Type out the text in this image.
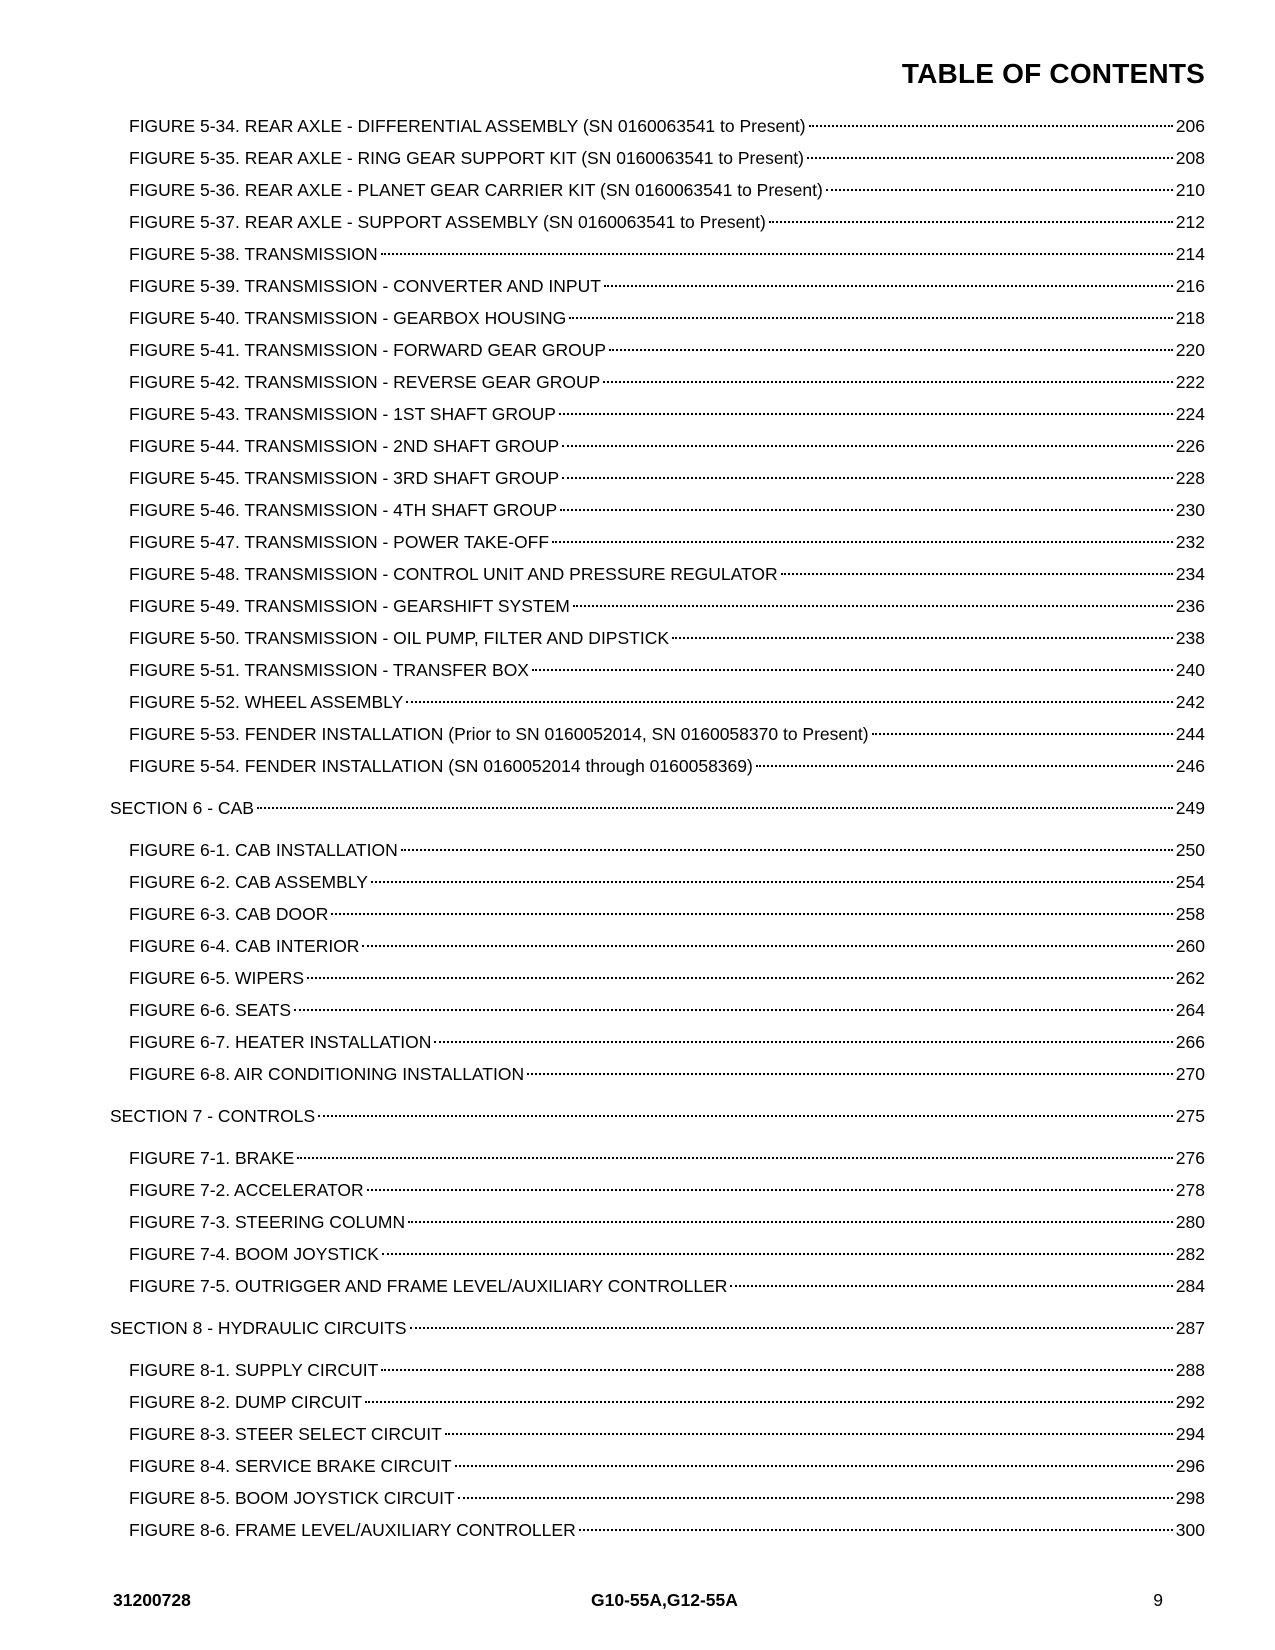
TABLE OF CONTENTS
FIGURE 5-34. REAR AXLE - DIFFERENTIAL ASSEMBLY (SN 0160063541 to Present)	206
FIGURE 5-35. REAR AXLE - RING GEAR SUPPORT KIT (SN 0160063541 to Present)	208
FIGURE 5-36. REAR AXLE - PLANET GEAR CARRIER KIT (SN 0160063541 to Present)	210
FIGURE 5-37. REAR AXLE - SUPPORT ASSEMBLY (SN 0160063541 to Present)	212
FIGURE 5-38. TRANSMISSION	214
FIGURE 5-39. TRANSMISSION - CONVERTER AND INPUT	216
FIGURE 5-40. TRANSMISSION - GEARBOX HOUSING	218
FIGURE 5-41. TRANSMISSION - FORWARD GEAR GROUP	220
FIGURE 5-42. TRANSMISSION - REVERSE GEAR GROUP	222
FIGURE 5-43. TRANSMISSION - 1ST SHAFT GROUP	224
FIGURE 5-44. TRANSMISSION - 2ND SHAFT GROUP	226
FIGURE 5-45. TRANSMISSION - 3RD SHAFT GROUP	228
FIGURE 5-46. TRANSMISSION - 4TH SHAFT GROUP	230
FIGURE 5-47. TRANSMISSION - POWER TAKE-OFF	232
FIGURE 5-48. TRANSMISSION - CONTROL UNIT AND PRESSURE REGULATOR	234
FIGURE 5-49. TRANSMISSION - GEARSHIFT SYSTEM	236
FIGURE 5-50. TRANSMISSION - OIL PUMP, FILTER AND DIPSTICK	238
FIGURE 5-51. TRANSMISSION - TRANSFER BOX	240
FIGURE 5-52. WHEEL ASSEMBLY	242
FIGURE 5-53. FENDER INSTALLATION (Prior to SN 0160052014, SN 0160058370 to Present)	244
FIGURE 5-54. FENDER INSTALLATION (SN 0160052014 through 0160058369)	246
SECTION 6 - CAB	249
FIGURE 6-1. CAB INSTALLATION	250
FIGURE 6-2. CAB ASSEMBLY	254
FIGURE 6-3. CAB DOOR	258
FIGURE 6-4. CAB INTERIOR	260
FIGURE 6-5. WIPERS	262
FIGURE 6-6. SEATS	264
FIGURE 6-7. HEATER INSTALLATION	266
FIGURE 6-8. AIR CONDITIONING INSTALLATION	270
SECTION 7 - CONTROLS	275
FIGURE 7-1. BRAKE	276
FIGURE 7-2. ACCELERATOR	278
FIGURE 7-3. STEERING COLUMN	280
FIGURE 7-4. BOOM JOYSTICK	282
FIGURE 7-5. OUTRIGGER AND FRAME LEVEL/AUXILIARY CONTROLLER	284
SECTION 8 - HYDRAULIC CIRCUITS	287
FIGURE 8-1. SUPPLY CIRCUIT	288
FIGURE 8-2. DUMP CIRCUIT	292
FIGURE 8-3. STEER SELECT CIRCUIT	294
FIGURE 8-4. SERVICE BRAKE CIRCUIT	296
FIGURE 8-5. BOOM JOYSTICK CIRCUIT	298
FIGURE 8-6. FRAME LEVEL/AUXILIARY CONTROLLER	300
31200728	G10-55A,G12-55A	9
